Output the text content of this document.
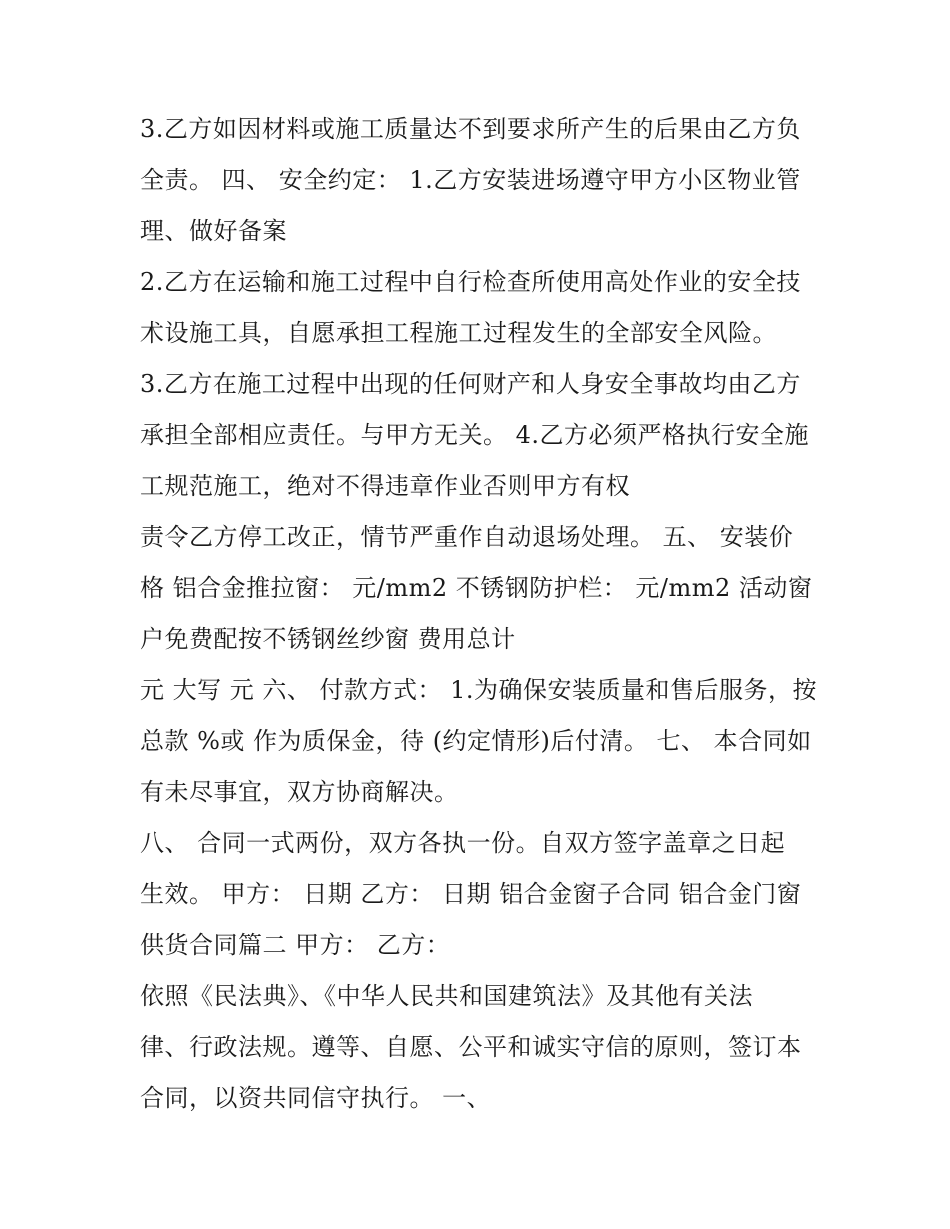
3.乙方如因材料或施工质量达不到要求所产生的后果由乙方负
全责。 四、 安全约定： 1.乙方安装进场遵守甲方小区物业管
理、做好备案
2.乙方在运输和施工过程中自行检查所使用高处作业的安全技
术设施工具，自愿承担工程施工过程发生的全部安全风险。
3.乙方在施工过程中出现的任何财产和人身安全事故均由乙方
承担全部相应责任。与甲方无关。 4.乙方必须严格执行安全施
工规范施工，绝对不得违章作业否则甲方有权
责令乙方停工改正，情节严重作自动退场处理。 五、 安装价
格 铝合金推拉窗： 元/mm2 不锈钢防护栏： 元/mm2 活动窗
户免费配按不锈钢丝纱窗 费用总计
元 大写 元 六、 付款方式： 1.为确保安装质量和售后服务，按
总款 %或 作为质保金，待 (约定情形)后付清。 七、 本合同如
有未尽事宜，双方协商解决。
八、 合同一式两份，双方各执一份。自双方签字盖章之日起
生效。 甲方： 日期 乙方： 日期 铝合金窗子合同 铝合金门窗
供货合同篇二 甲方： 乙方：
依照《民法典》、《中华人民共和国建筑法》及其他有关法
律、行政法规。遵等、自愿、公平和诚实守信的原则，签订本
合同，以资共同信守执行。 一、
